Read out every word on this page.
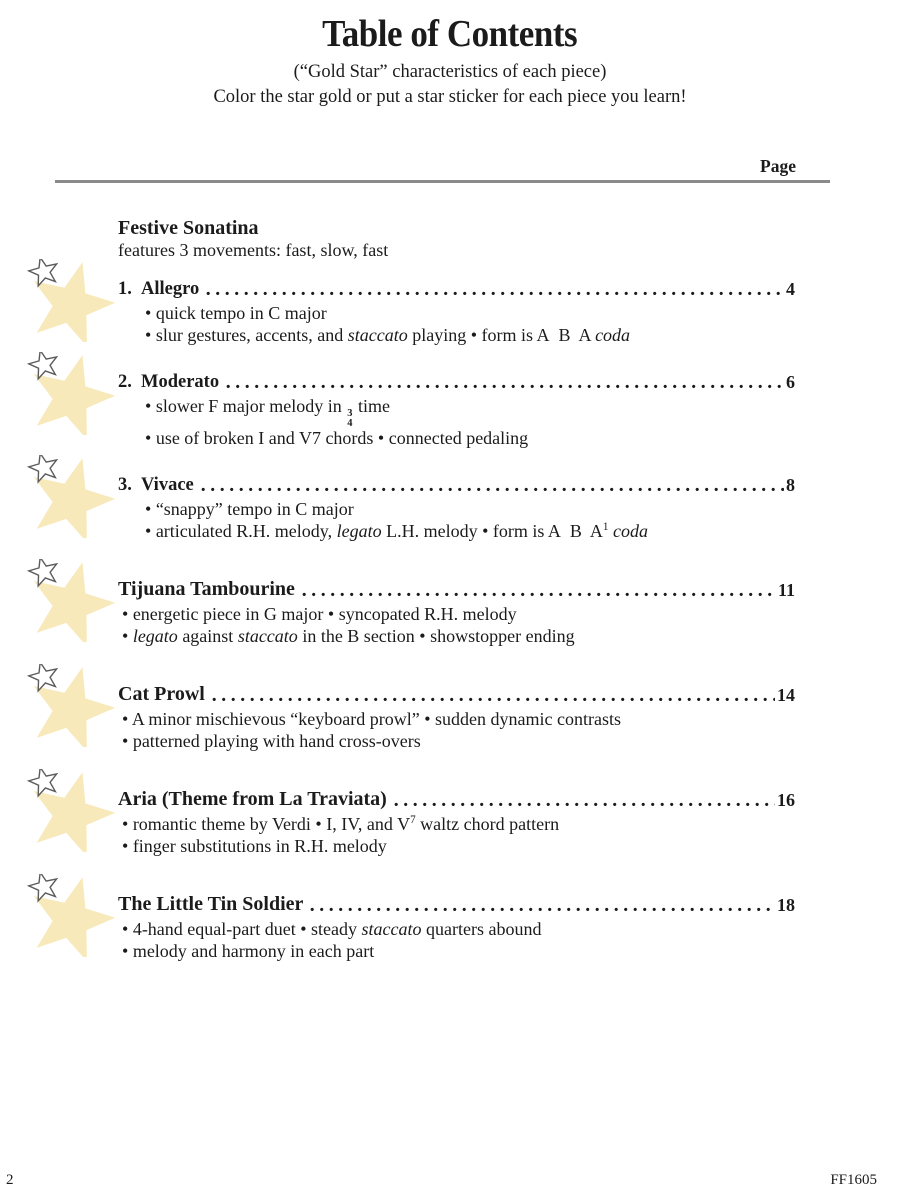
Table of Contents
(“Gold Star” characteristics of each piece)
Color the star gold or put a star sticker for each piece you learn!
Page
Festive Sonatina
features 3 movements: fast, slow, fast
1. Allegro	4
• quick tempo in C major
• slur gestures, accents, and staccato playing • form is A  B  A coda
2. Moderato	6
• slower F major melody in 3
4
time
• use of broken I and V7 chords • connected pedaling
3. Vivace	8
• “snappy” tempo in C major
• articulated R.H. melody, legato L.H. melody • form is A  B  $A^1$ coda
Tijuana Tambourine	11
• energetic piece in G major • syncopated R.H. melody
• legato against staccato in the B section • showstopper ending
Cat Prowl	14
• A minor mischievous “keyboard prowl” • sudden dynamic contrasts
• patterned playing with hand cross-overs
Aria (Theme from La Traviata)	16
• romantic theme by Verdi • I, IV, and $V^7$ waltz chord pattern
• finger substitutions in R.H. melody
The Little Tin Soldier	18
• 4-hand equal-part duet • steady staccato quarters abound
• melody and harmony in each part
2	FF1605
